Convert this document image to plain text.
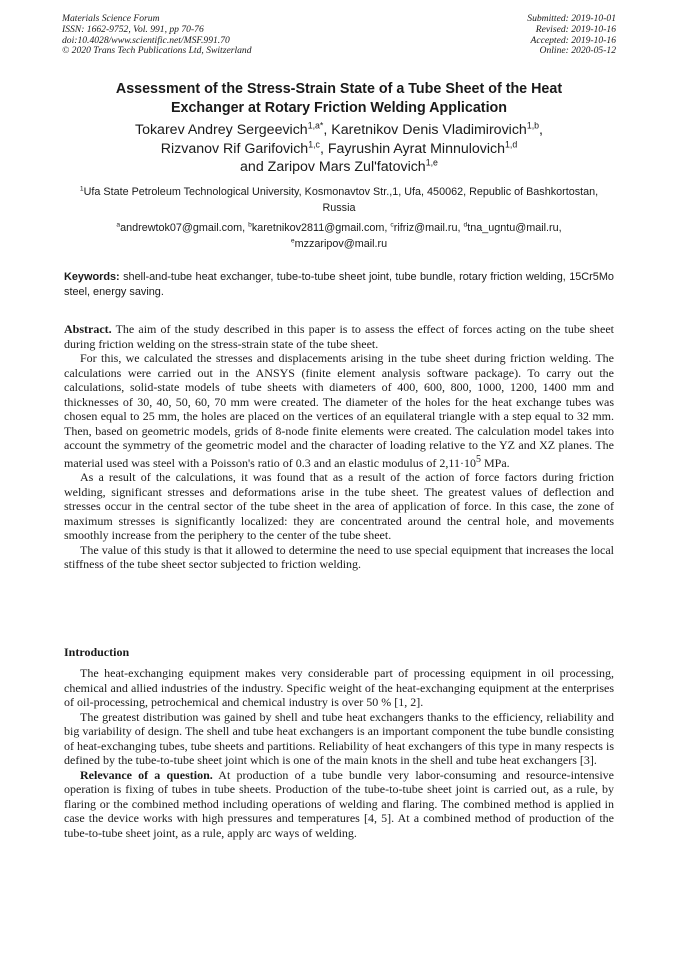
Materials Science Forum
ISSN: 1662-9752, Vol. 991, pp 70-76
doi:10.4028/www.scientific.net/MSF.991.70
© 2020 Trans Tech Publications Ltd, Switzerland
Submitted: 2019-10-01
Revised: 2019-10-16
Accepted: 2019-10-16
Online: 2020-05-12
Assessment of the Stress-Strain State of a Tube Sheet of the Heat
Exchanger at Rotary Friction Welding Application
Tokarev Andrey Sergeevich$^{1,a*}$, Karetnikov Denis Vladimirovich$^{1,b}$,
Rizvanov Rif Garifovich$^{1,c}$, Fayrushin Ayrat Minnulovich$^{1,d}$
and Zaripov Mars Zul'fatovich$^{1,e}$
$^1$Ufa State Petroleum Technological University, Kosmonavtov Str.,1, Ufa, 450062, Republic of Bashkortostan, Russia
$^a$andrewtok07@gmail.com, $^b$karetnikov2811@gmail.com, $^c$rifriz@mail.ru, $^d$tna_ugntu@mail.ru, $^e$mzzaripov@mail.ru
Keywords: shell-and-tube heat exchanger, tube-to-tube sheet joint, tube bundle, rotary friction welding, 15Cr5Mo steel, energy saving.

Abstract. The aim of the study described in this paper is to assess the effect of forces acting on the tube sheet during friction welding on the stress-strain state of the tube sheet.

For this, we calculated the stresses and displacements arising in the tube sheet during friction welding. The calculations were carried out in the ANSYS (finite element analysis software package). To carry out the calculations, solid-state models of tube sheets with diameters of 400, 600, 800, 1000, 1200, 1400 mm and thicknesses of 30, 40, 50, 60, 70 mm were created. The diameter of the holes for the heat exchange tubes was chosen equal to 25 mm, the holes are placed on the vertices of an equilateral triangle with a step equal to 32 mm. Then, based on geometric models, grids of 8-node finite elements were created. The calculation model takes into account the symmetry of the geometric model and the character of loading relative to the YZ and XZ planes. The material used was steel with a Poisson's ratio of 0.3 and an elastic modulus of $2,11\cdot 10^5$ MPa.

As a result of the calculations, it was found that as a result of the action of force factors during friction welding, significant stresses and deformations arise in the tube sheet. The greatest values of deflection and stresses occur in the central sector of the tube sheet in the area of application of force. In this case, the zone of maximum stresses is significantly localized: they are concentrated around the central hole, and movements smoothly increase from the periphery to the center of the tube sheet.

The value of this study is that it allowed to determine the need to use special equipment that increases the local stiffness of the tube sheet sector subjected to friction welding.

Introduction

The heat-exchanging equipment makes very considerable part of processing equipment in oil processing, chemical and allied industries of the industry. Specific weight of the heat-exchanging equipment at the enterprises of oil-processing, petrochemical and chemical industry is over 50 % [1, 2].

The greatest distribution was gained by shell and tube heat exchangers thanks to the efficiency, reliability and big variability of design. The shell and tube heat exchangers is an important component the tube bundle consisting of heat-exchanging tubes, tube sheets and partitions. Reliability of heat exchangers of this type in many respects is defined by the tube-to-tube sheet joint which is one of the main knots in the shell and tube heat exchangers [3].

Relevance of a question. At production of a tube bundle very labor-consuming and resource-intensive operation is fixing of tubes in tube sheets. Production of the tube-to-tube sheet joint is carried out, as a rule, by flaring or the combined method including operations of welding and flaring. The combined method is applied in case the device works with high pressures and temperatures [4, 5]. At a combined method of production of the tube-to-tube sheet joint, as a rule, apply arc ways of welding.
